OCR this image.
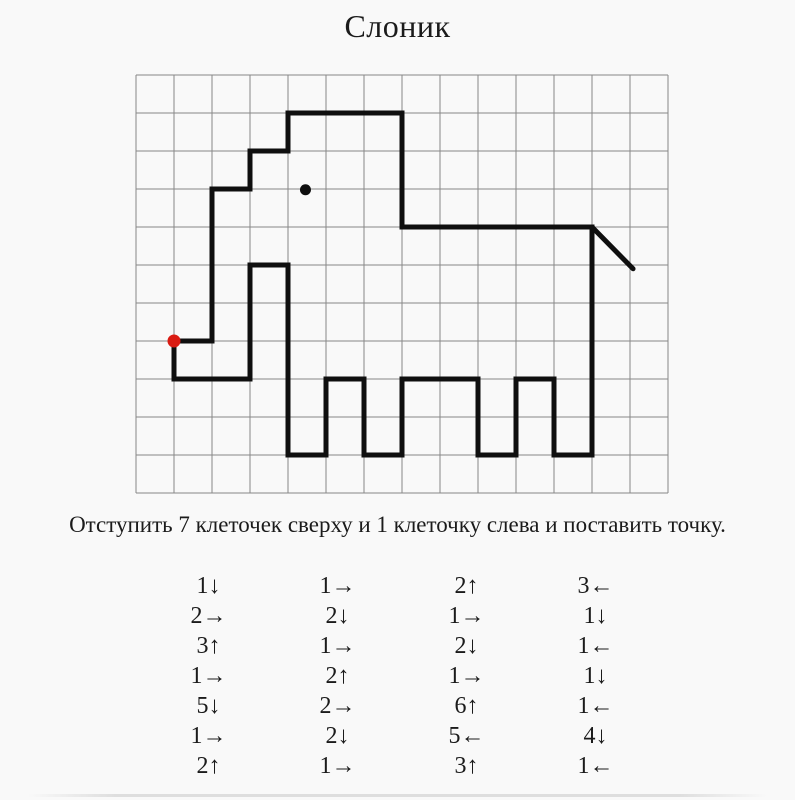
Слоник

Отступить 7 клеточек сверху и 1 клеточку слева и поставить точку.

1↓	1→	2↑	3←
2→	2↓	1→	1↓
3↑	1→	2↓	1←
1→	2↑	1→	1↓
5↓	2→	6↑	1←
1→	2↓	5←	4↓
2↑	1→	3↑	1←
